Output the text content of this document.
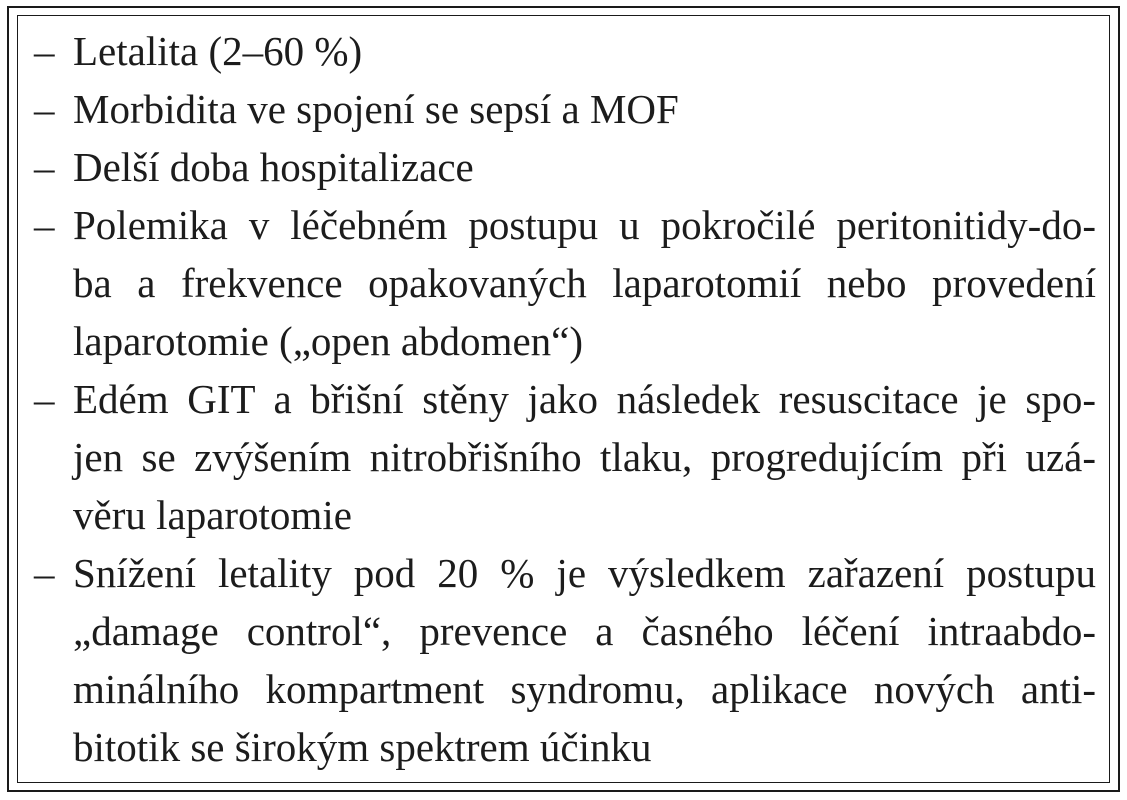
– Letalita (2–60 %)
– Morbidita ve spojení se sepsí a MOF
– Delší doba hospitalizace
– Polemika v léčebném postupu u pokročilé peritonitidy-do-
ba a frekvence opakovaných laparotomií nebo provedení
laparotomie („open abdomen“)
– Edém GIT a břišní stěny jako následek resuscitace je spo-
jen se zvýšením nitrobřišního tlaku, progredujícím při uzá-
věru laparotomie
– Snížení letality pod 20 % je výsledkem zařazení postupu
„damage control“, prevence a časného léčení intraabdo-
minálního kompartment syndromu, aplikace nových anti-
bitotik se širokým spektrem účinku
